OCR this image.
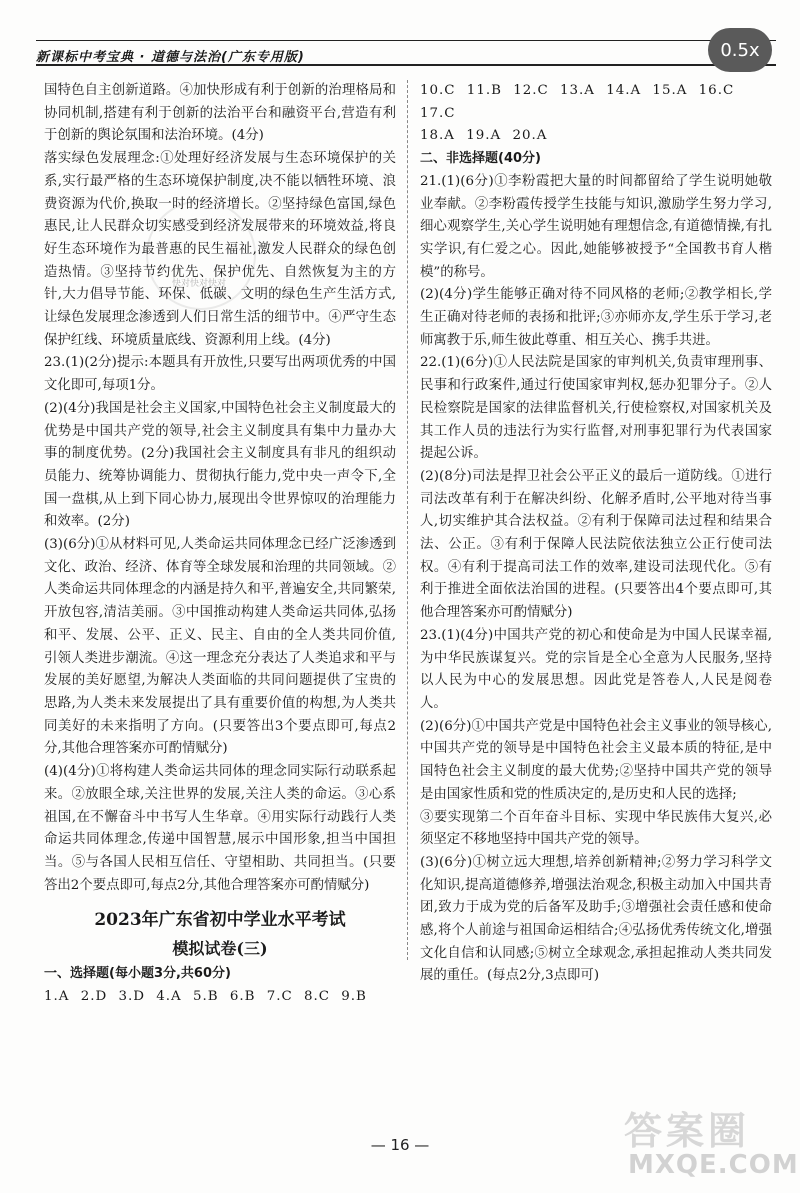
新课标中考宝典 · 道德与法治(广东专用版)	0.5x
快对快对快对
国特色自主创新道路。④加快形成有利于创新的治理格局和协同机制,搭建有利于创新的法治平台和融资平台,营造有利于创新的舆论氛围和法治环境。(4分)
落实绿色发展理念:①处理好经济发展与生态环境保护的关系,实行最严格的生态环境保护制度,决不能以牺牲环境、浪费资源为代价,换取一时的经济增长。②坚持绿色富国,绿色惠民,让人民群众切实感受到经济发展带来的环境效益,将良好生态环境作为最普惠的民生福祉,激发人民群众的绿色创造热情。③坚持节约优先、保护优先、自然恢复为主的方针,大力倡导节能、环保、低碳、文明的绿色生产生活方式,让绿色发展理念渗透到人们日常生活的细节中。④严守生态保护红线、环境质量底线、资源利用上线。(4分)
23.(1)(2分)提示:本题具有开放性,只要写出两项优秀的中国文化即可,每项1分。
(2)(4分)我国是社会主义国家,中国特色社会主义制度最大的优势是中国共产党的领导,社会主义制度具有集中力量办大事的制度优势。(2分)我国社会主义制度具有非凡的组织动员能力、统筹协调能力、贯彻执行能力,党中央一声令下,全国一盘棋,从上到下同心协力,展现出令世界惊叹的治理能力和效率。(2分)
(3)(6分)①从材料可见,人类命运共同体理念已经广泛渗透到文化、政治、经济、体育等全球发展和治理的共同领域。②人类命运共同体理念的内涵是持久和平,普遍安全,共同繁荣,开放包容,清洁美丽。③中国推动构建人类命运共同体,弘扬和平、发展、公平、正义、民主、自由的全人类共同价值,引领人类进步潮流。④这一理念充分表达了人类追求和平与发展的美好愿望,为解决人类面临的共同问题提供了宝贵的思路,为人类未来发展提出了具有重要价值的构想,为人类共同美好的未来指明了方向。(只要答出3个要点即可,每点2分,其他合理答案亦可酌情赋分)
(4)(4分)①将构建人类命运共同体的理念同实际行动联系起来。②放眼全球,关注世界的发展,关注人类的命运。③心系祖国,在不懈奋斗中书写人生华章。④用实际行动践行人类命运共同体理念,传递中国智慧,展示中国形象,担当中国担当。⑤与各国人民相互信任、守望相助、共同担当。(只要答出2个要点即可,每点2分,其他合理答案亦可酌情赋分)
2023年广东省初中学业水平考试
模拟试卷(三)
一、选择题(每小题3分,共60分)
1.A 2.D 3.D 4.A 5.B 6.B 7.C 8.C 9.B
10.C 11.B 12.C 13.A 14.A 15.A 16.C 17.C
18.A 19.A 20.A
二、非选择题(40分)
21.(1)(6分)①李粉霞把大量的时间都留给了学生说明她敬业奉献。②李粉霞传授学生技能与知识,激励学生努力学习,细心观察学生,关心学生说明她有理想信念,有道德情操,有扎实学识,有仁爱之心。因此,她能够被授予“全国教书育人楷模”的称号。
(2)(4分)学生能够正确对待不同风格的老师;②教学相长,学生正确对待老师的表扬和批评;③亦师亦友,学生乐于学习,老师寓教于乐,师生彼此尊重、相互关心、携手共进。
22.(1)(6分)①人民法院是国家的审判机关,负责审理刑事、民事和行政案件,通过行使国家审判权,惩办犯罪分子。②人民检察院是国家的法律监督机关,行使检察权,对国家机关及其工作人员的违法行为实行监督,对刑事犯罪行为代表国家提起公诉。
(2)(8分)司法是捍卫社会公平正义的最后一道防线。①进行司法改革有利于在解决纠纷、化解矛盾时,公平地对待当事人,切实维护其合法权益。②有利于保障司法过程和结果合法、公正。③有利于保障人民法院依法独立公正行使司法权。④有利于提高司法工作的效率,建设司法现代化。⑤有利于推进全面依法治国的进程。(只要答出4个要点即可,其他合理答案亦可酌情赋分)
23.(1)(4分)中国共产党的初心和使命是为中国人民谋幸福,为中华民族谋复兴。党的宗旨是全心全意为人民服务,坚持以人民为中心的发展思想。因此党是答卷人,人民是阅卷人。
(2)(6分)①中国共产党是中国特色社会主义事业的领导核心,中国共产党的领导是中国特色社会主义最本质的特征,是中国特色社会主义制度的最大优势;②坚持中国共产党的领导是由国家性质和党的性质决定的,是历史和人民的选择;
③要实现第二个百年奋斗目标、实现中华民族伟大复兴,必须坚定不移地坚持中国共产党的领导。
(3)(6分)①树立远大理想,培养创新精神;②努力学习科学文化知识,提高道德修养,增强法治观念,积极主动加入中国共青团,致力于成为党的后备军及助手;③增强社会责任感和使命感,将个人前途与祖国命运相结合;④弘扬优秀传统文化,增强文化自信和认同感;⑤树立全球观念,承担起推动人类共同发展的重任。(每点2分,3点即可)
— 16 —	答案圈
MXQE.COM
